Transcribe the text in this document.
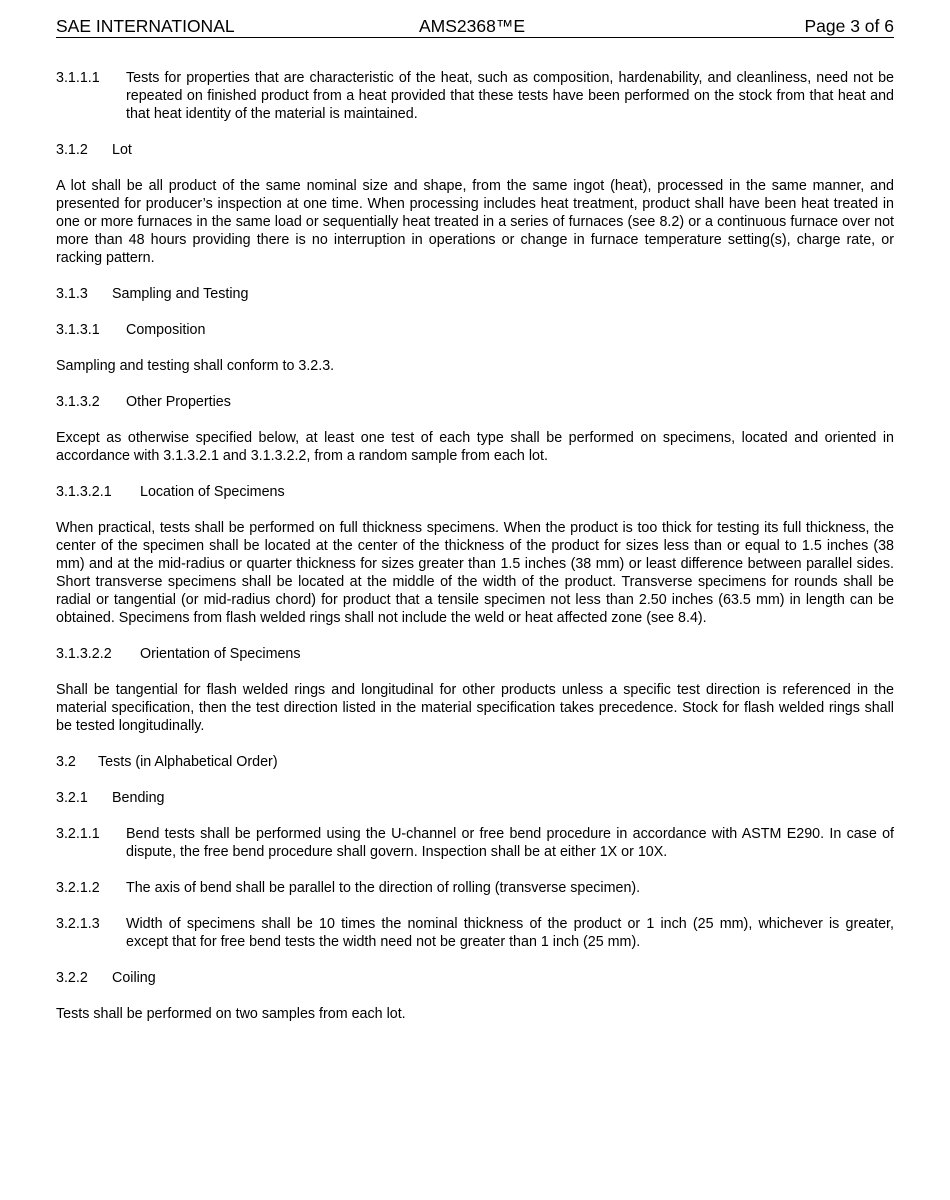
SAE INTERNATIONAL	AMS2368™E	Page 3 of 6
3.1.1.1	Tests for properties that are characteristic of the heat, such as composition, hardenability, and cleanliness, need not be repeated on finished product from a heat provided that these tests have been performed on the stock from that heat and that heat identity of the material is maintained.
3.1.2 Lot

A lot shall be all product of the same nominal size and shape, from the same ingot (heat), processed in the same manner, and presented for producer’s inspection at one time. When processing includes heat treatment, product shall have been heat treated in one or more furnaces in the same load or sequentially heat treated in a series of furnaces (see 8.2) or a continuous furnace over not more than 48 hours providing there is no interruption in operations or change in furnace temperature setting(s), charge rate, or racking pattern.

3.1.3 Sampling and Testing
3.1.3.1 Composition

Sampling and testing shall conform to 3.2.3.

3.1.3.2 Other Properties

Except as otherwise specified below, at least one test of each type shall be performed on specimens, located and oriented in accordance with 3.1.3.2.1 and 3.1.3.2.2, from a random sample from each lot.

3.1.3.2.1 Location of Specimens

When practical, tests shall be performed on full thickness specimens. When the product is too thick for testing its full thickness, the center of the specimen shall be located at the center of the thickness of the product for sizes less than or equal to 1.5 inches (38 mm) and at the mid-radius or quarter thickness for sizes greater than 1.5 inches (38 mm) or least difference between parallel sides. Short transverse specimens shall be located at the middle of the width of the product. Transverse specimens for rounds shall be radial or tangential (or mid-radius chord) for product that a tensile specimen not less than 2.50 inches (63.5 mm) in length can be obtained. Specimens from flash welded rings shall not include the weld or heat affected zone (see 8.4).

3.1.3.2.2 Orientation of Specimens

Shall be tangential for flash welded rings and longitudinal for other products unless a specific test direction is referenced in the material specification, then the test direction listed in the material specification takes precedence. Stock for flash welded rings shall be tested longitudinally.

3.2 Tests (in Alphabetical Order)
3.2.1 Bending
3.2.1.1	Bend tests shall be performed using the U-channel or free bend procedure in accordance with ASTM E290. In case of dispute, the free bend procedure shall govern. Inspection shall be at either 1X or 10X.
3.2.1.2	The axis of bend shall be parallel to the direction of rolling (transverse specimen).
3.2.1.3	Width of specimens shall be 10 times the nominal thickness of the product or 1 inch (25 mm), whichever is greater, except that for free bend tests the width need not be greater than 1 inch (25 mm).
3.2.2 Coiling

Tests shall be performed on two samples from each lot.
